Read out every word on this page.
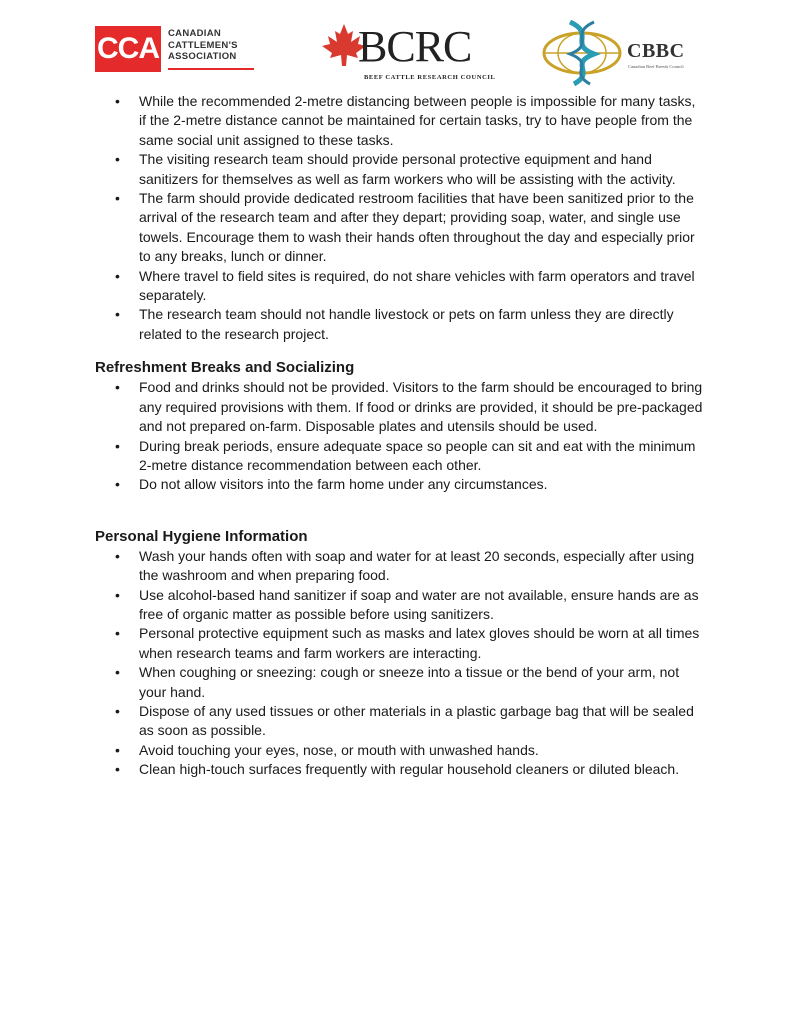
CCA CANADIAN
CATTLEMEN'S
ASSOCIATION	BCRC
BEEF CATTLE RESEARCH COUNCIL
CBBC
Canadian Beef Breeds Council
• While the recommended 2-metre distancing between people is impossible for many tasks, if the 2-metre distance cannot be maintained for certain tasks, try to have people from the same social unit assigned to these tasks.
• The visiting research team should provide personal protective equipment and hand sanitizers for themselves as well as farm workers who will be assisting with the activity.
• The farm should provide dedicated restroom facilities that have been sanitized prior to the arrival of the research team and after they depart; providing soap, water, and single use towels. Encourage them to wash their hands often throughout the day and especially prior to any breaks, lunch or dinner.
• Where travel to field sites is required, do not share vehicles with farm operators and travel separately.
• The research team should not handle livestock or pets on farm unless they are directly related to the research project.
Refreshment Breaks and Socializing
• Food and drinks should not be provided. Visitors to the farm should be encouraged to bring any required provisions with them. If food or drinks are provided, it should be pre-packaged and not prepared on-farm. Disposable plates and utensils should be used.
• During break periods, ensure adequate space so people can sit and eat with the minimum 2-metre distance recommendation between each other.
• Do not allow visitors into the farm home under any circumstances.
Personal Hygiene Information
• Wash your hands often with soap and water for at least 20 seconds, especially after using the washroom and when preparing food.
• Use alcohol-based hand sanitizer if soap and water are not available, ensure hands are as free of organic matter as possible before using sanitizers.
• Personal protective equipment such as masks and latex gloves should be worn at all times when research teams and farm workers are interacting.
• When coughing or sneezing: cough or sneeze into a tissue or the bend of your arm, not your hand.
• Dispose of any used tissues or other materials in a plastic garbage bag that will be sealed as soon as possible.
• Avoid touching your eyes, nose, or mouth with unwashed hands.
• Clean high-touch surfaces frequently with regular household cleaners or diluted bleach.
